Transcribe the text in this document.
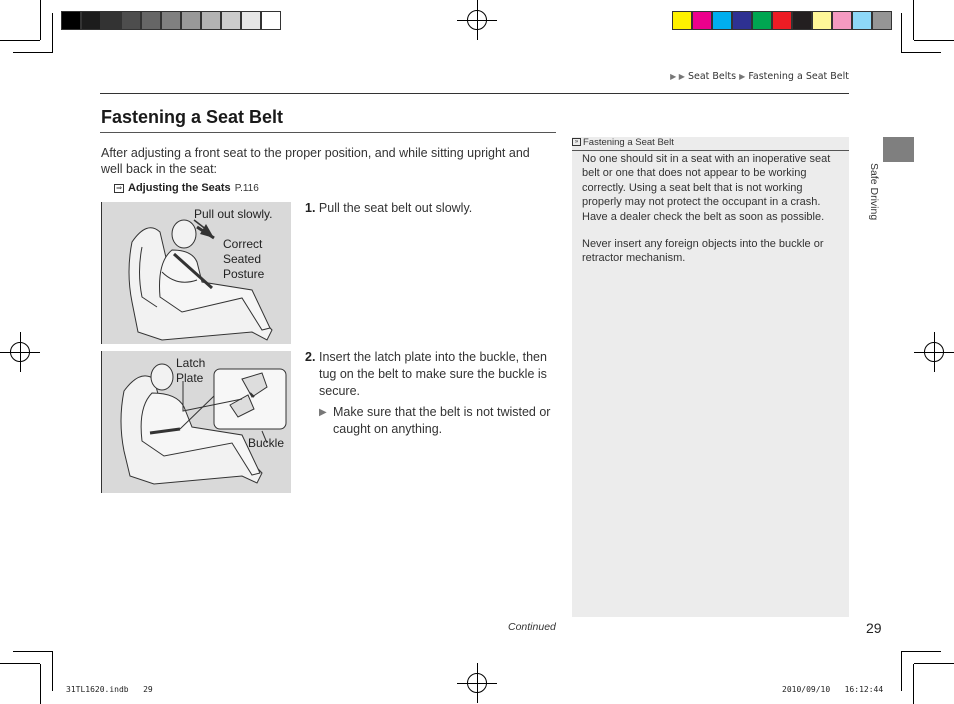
▶ ▶ Seat Belts ▶ Fastening a Seat Belt
Fastening a Seat Belt
After adjusting a front seat to the proper position, and while sitting upright and well back in the seat:
⇒ Adjusting the Seats P.116
Pull out slowly.
Correct Seated Posture
Latch Plate
Buckle
1. Pull the seat belt out slowly.
2. Insert the latch plate into the buckle, then tug on the belt to make sure the buckle is secure.
▶ Make sure that the belt is not twisted or caught on anything.
» Fastening a Seat Belt
No one should sit in a seat with an inoperative seat belt or one that does not appear to be working correctly. Using a seat belt that is not working properly may not protect the occupant in a crash. Have a dealer check the belt as soon as possible.
Never insert any foreign objects into the buckle or retractor mechanism.
Safe Driving
Continued	29
31TL1620.indb   29	2010/09/10   16:12:44
